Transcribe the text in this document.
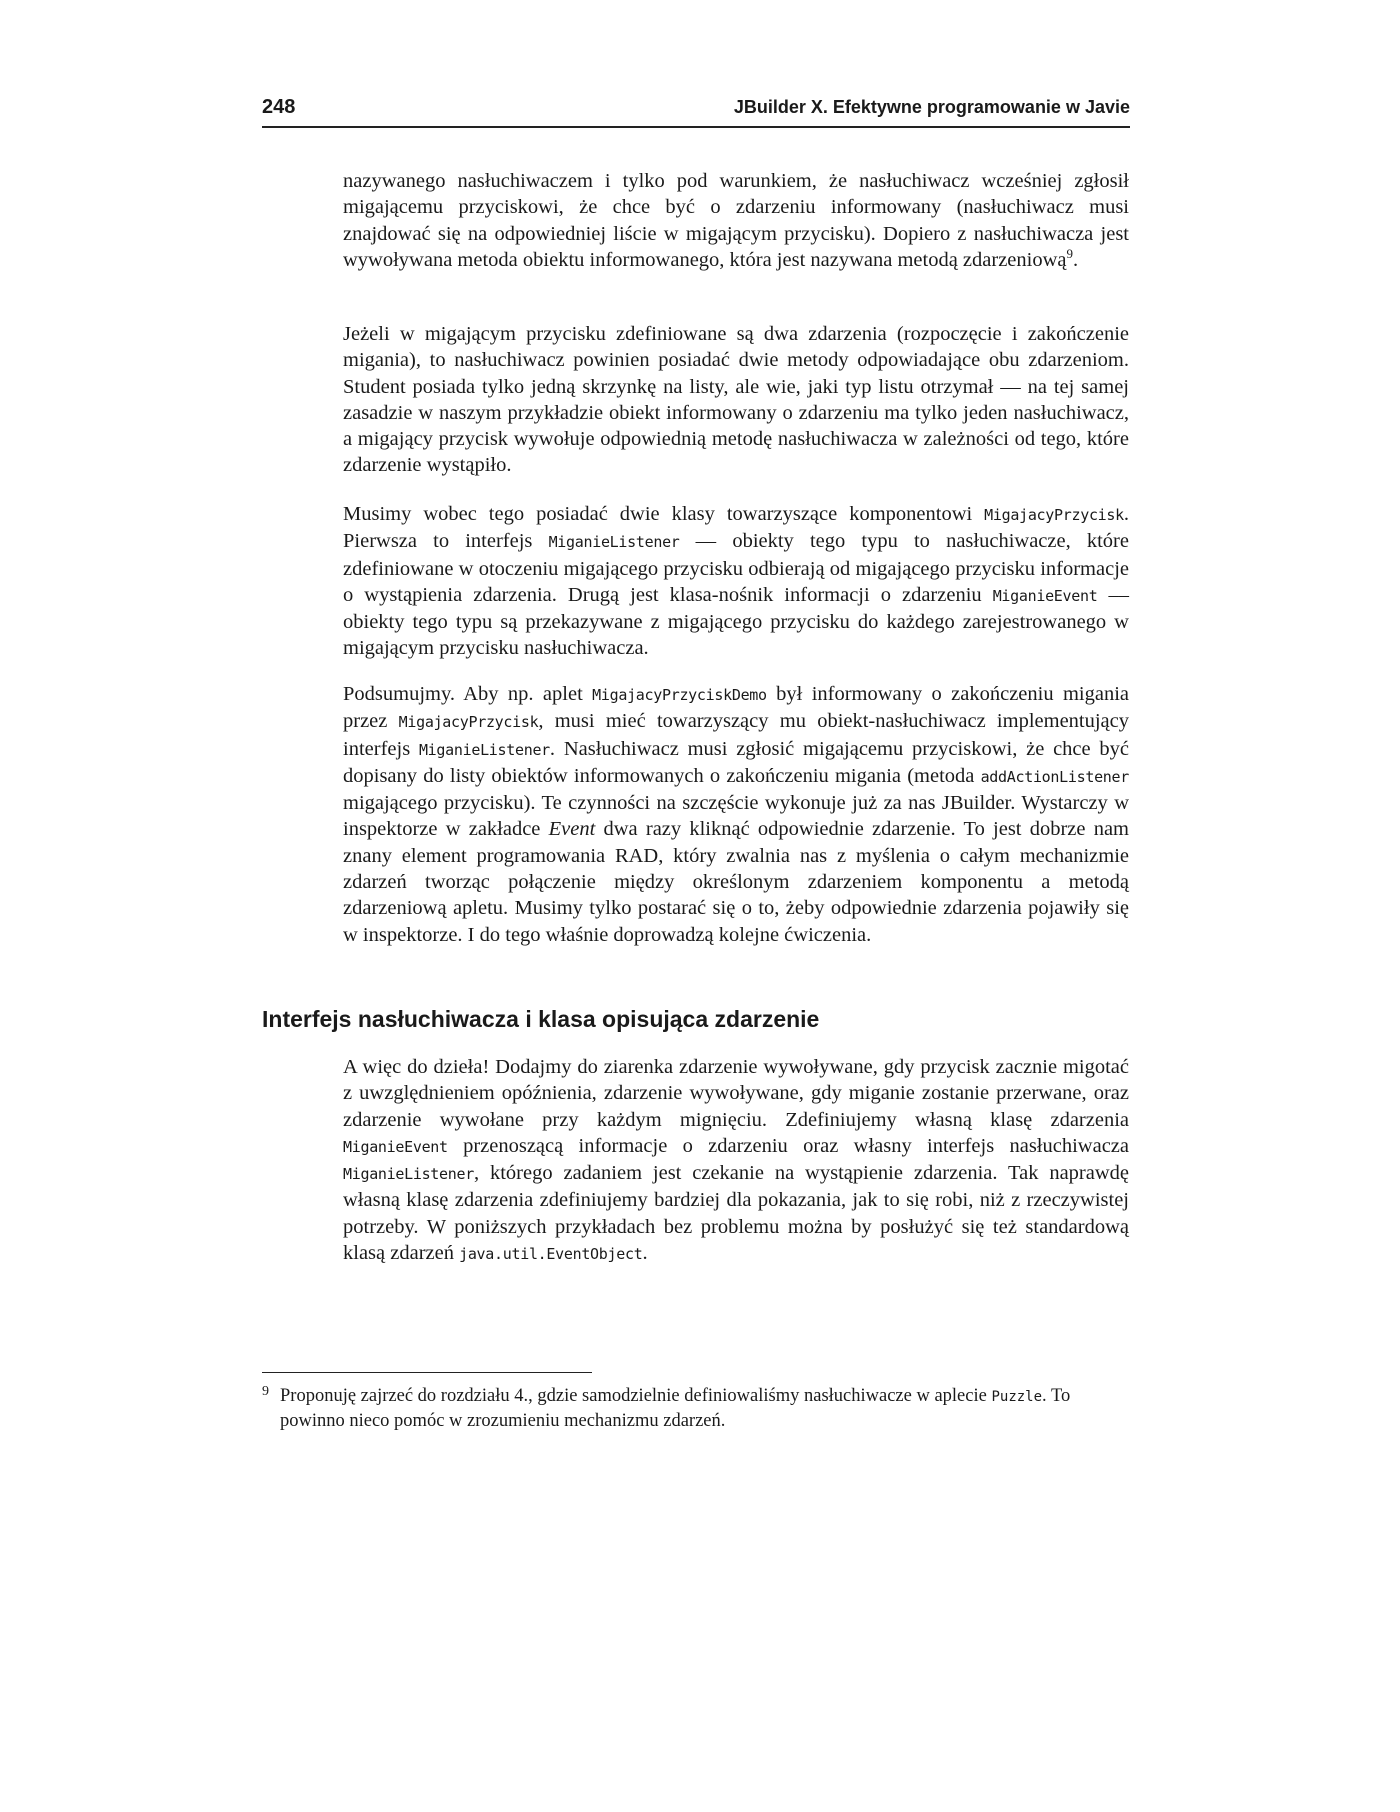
248	JBuilder X. Efektywne programowanie w Javie

nazywanego nasłuchiwaczem i tylko pod warunkiem, że nasłuchiwacz wcześniej zgłosił migającemu przyciskowi, że chce być o zdarzeniu informowany (nasłuchiwacz musi znajdować się na odpowiedniej liście w migającym przycisku). Dopiero z nasłuchiwacza jest wywoływana metoda obiektu informowanego, która jest nazywana metodą zdarzeniową$^9$.

Jeżeli w migającym przycisku zdefiniowane są dwa zdarzenia (rozpoczęcie i zakończenie migania), to nasłuchiwacz powinien posiadać dwie metody odpowiadające obu zdarzeniom. Student posiada tylko jedną skrzynkę na listy, ale wie, jaki typ listu otrzymał — na tej samej zasadzie w naszym przykładzie obiekt informowany o zdarzeniu ma tylko jeden nasłuchiwacz, a migający przycisk wywołuje odpowiednią metodę nasłuchiwacza w zależności od tego, które zdarzenie wystąpiło.

Musimy wobec tego posiadać dwie klasy towarzyszące komponentowi MigajacyPrzycisk. Pierwsza to interfejs MiganieListener — obiekty tego typu to nasłuchiwacze, które zdefiniowane w otoczeniu migającego przycisku odbierają od migającego przycisku informacje o wystąpienia zdarzenia. Drugą jest klasa-nośnik informacji o zdarzeniu MiganieEvent –– obiekty tego typu są przekazywane z migającego przycisku do każdego zarejestrowanego w migającym przycisku nasłuchiwacza.

Podsumujmy. Aby np. aplet MigajacyPrzyciskDemo był informowany o zakończeniu migania przez MigajacyPrzycisk, musi mieć towarzyszący mu obiekt-nasłuchiwacz implementujący interfejs MiganieListener. Nasłuchiwacz musi zgłosić migającemu przyciskowi, że chce być dopisany do listy obiektów informowanych o zakończeniu migania (metoda addActionListener migającego przycisku). Te czynności na szczęście wykonuje już za nas JBuilder. Wystarczy w inspektorze w zakładce Event dwa razy kliknąć odpowiednie zdarzenie. To jest dobrze nam znany element programowania RAD, który zwalnia nas z myślenia o całym mechanizmie zdarzeń tworząc połączenie między określonym zdarzeniem komponentu a metodą zdarzeniową apletu. Musimy tylko postarać się o to, żeby odpowiednie zdarzenia pojawiły się w inspektorze. I do tego właśnie doprowadzą kolejne ćwiczenia.

Interfejs nasłuchiwacza i klasa opisująca zdarzenie

A więc do dzieła! Dodajmy do ziarenka zdarzenie wywoływane, gdy przycisk zacznie migotać z uwzględnieniem opóźnienia, zdarzenie wywoływane, gdy miganie zostanie przerwane, oraz zdarzenie wywołane przy każdym mignięciu. Zdefiniujemy własną klasę zdarzenia MiganieEvent przenoszącą informacje o zdarzeniu oraz własny interfejs nasłuchiwacza MiganieListener, którego zadaniem jest czekanie na wystąpienie zdarzenia. Tak naprawdę własną klasę zdarzenia zdefiniujemy bardziej dla pokazania, jak to się robi, niż z rzeczywistej potrzeby. W poniższych przykładach bez problemu można by posłużyć się też standardową klasą zdarzeń java.util.EventObject.

9 Proponuję zajrzeć do rozdziału 4., gdzie samodzielnie definiowaliśmy nasłuchiwacze w aplecie Puzzle. To powinno nieco pomóc w zrozumieniu mechanizmu zdarzeń.
